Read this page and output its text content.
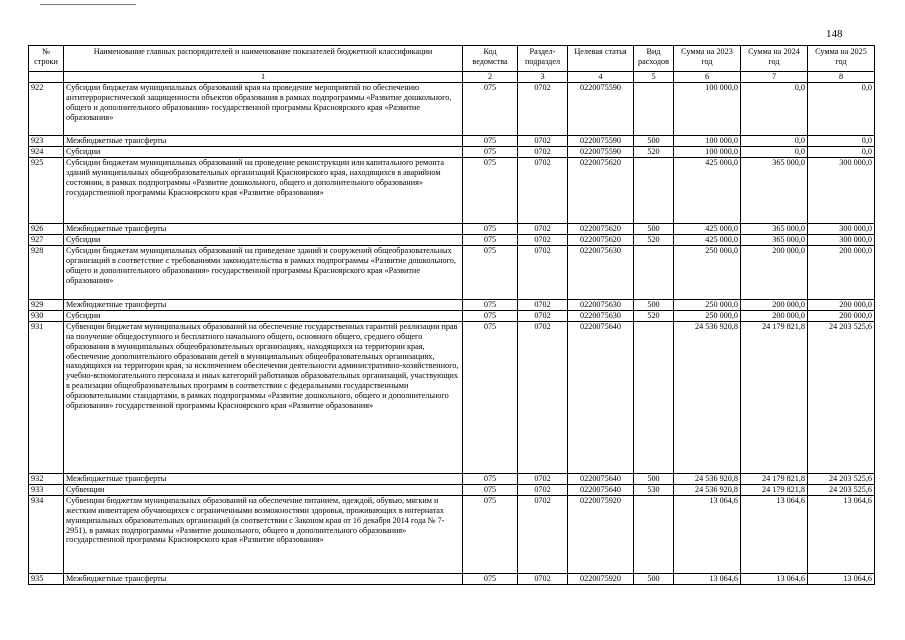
148
№ строки	Наименование главных распорядителей и наименование показателей бюджетной классификации	Код ведомства	Раздел-подраздел	Целевая статья	Вид расходов	Сумма на 2023 год	Сумма на 2024 год	Сумма на 2025 год
	1	2	3	4	5	6	7	8
922	Субсидии бюджетам муниципальных образований края на проведение мероприятий по обеспечению антитеррористической защищенности объектов образования в рамках подпрограммы «Развитие дошкольного, общего и дополнительного образования» государственной программы Красноярского края «Развитие образования»	075	0702	0220075590		100 000,0	0,0	0,0
923	Межбюджетные трансферты	075	0702	0220075590	500	100 000,0	0,0	0,0
924	Субсидии	075	0702	0220075590	520	100 000,0	0,0	0,0
925	Субсидии бюджетам муниципальных образований на проведение реконструкции или капитального ремонта зданий муниципальных общеобразовательных организаций Красноярского края, находящихся в аварийном состоянии, в рамках подпрограммы «Развитие дошкольного, общего и дополнительного образования» государственной программы Красноярского края «Развитие образования»	075	0702	0220075620		425 000,0	365 000,0	300 000,0
926	Межбюджетные трансферты	075	0702	0220075620	500	425 000,0	365 000,0	300 000,0
927	Субсидии	075	0702	0220075620	520	425 000,0	365 000,0	300 000,0
928	Субсидии бюджетам муниципальных образований на приведение зданий и сооружений общеобразовательных организаций в соответствие с требованиями законодательства в рамках подпрограммы «Развитие дошкольного, общего и дополнительного образования» государственной программы Красноярского края «Развитие образования»	075	0702	0220075630		250 000,0	200 000,0	200 000,0
929	Межбюджетные трансферты	075	0702	0220075630	500	250 000,0	200 000,0	200 000,0
930	Субсидии	075	0702	0220075630	520	250 000,0	200 000,0	200 000,0
931	Субвенции бюджетам муниципальных образований на обеспечение государственных гарантий реализации прав на получение общедоступного и бесплатного начального общего, основного общего, среднего общего образования в муниципальных общеобразовательных организациях, находящихся на территории края, обеспечение дополнительного образования детей в муниципальных общеобразовательных организациях, находящихся на территории края, за исключением обеспечения деятельности административно-хозяйственного, учебно-вспомогательного персонала и иных категорий работников образовательных организаций, участвующих в реализации общеобразовательных программ в соответствии с федеральными государственными образовательными стандартами, в рамках подпрограммы «Развитие дошкольного, общего и дополнительного образования» государственной программы Красноярского края «Развитие образования»	075	0702	0220075640		24 536 920,8	24 179 821,8	24 203 525,6
932	Межбюджетные трансферты	075	0702	0220075640	500	24 536 920,8	24 179 821,8	24 203 525,6
933	Субвенции	075	0702	0220075640	530	24 536 920,8	24 179 821,8	24 203 525,6
934	Субвенции бюджетам муниципальных образований на обеспечение питанием, одеждой, обувью, мягким и жестким инвентарем обучающихся с ограниченными возможностями здоровья, проживающих в интернатах муниципальных образовательных организаций (в соответствии с Законом края от 16 декабря 2014 года № 7-2951), в рамках подпрограммы «Развитие дошкольного, общего и дополнительного образования» государственной программы Красноярского края «Развитие образования»	075	0702	0220075920		13 064,6	13 064,6	13 064,6
935	Межбюджетные трансферты	075	0702	0220075920	500	13 064,6	13 064,6	13 064,6
